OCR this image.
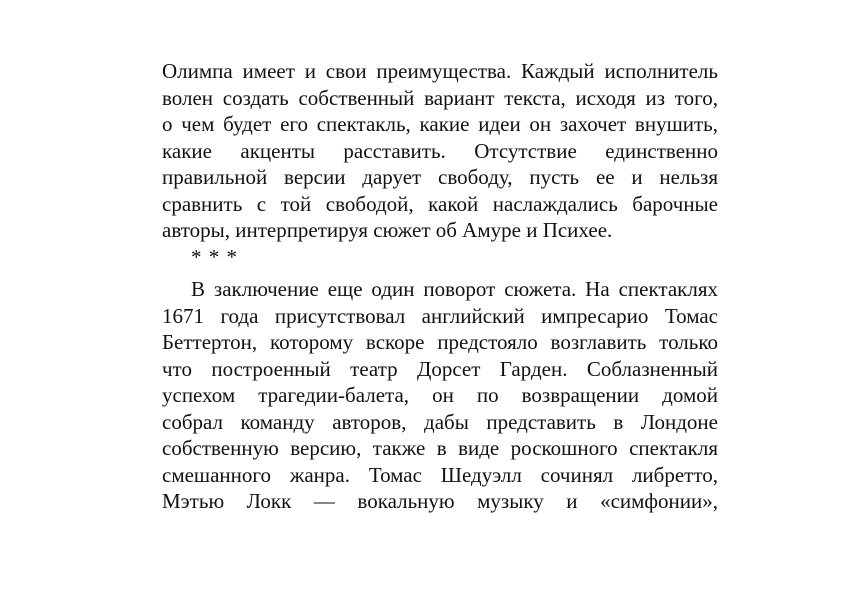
Олимпа имеет и свои преимущества. Каждый исполнитель
волен создать собственный вариант текста, исходя из того,
о чем будет его спектакль, какие идеи он захочет внушить,
какие акценты расставить. Отсутствие единственно
правильной версии дарует свободу, пусть ее и нельзя
сравнить с той свободой, какой наслаждались барочные
авторы, интерпретируя сюжет об Амуре и Психее.
* * *
В заключение еще один поворот сюжета. На спектаклях
1671 года присутствовал английский импресарио Томас
Беттертон, которому вскоре предстояло возглавить только
что построенный театр Дорсет Гарден. Соблазненный
успехом трагедии-балета, он по возвращении домой
собрал команду авторов, дабы представить в Лондоне
собственную версию, также в виде роскошного спектакля
смешанного жанра. Томас Шедуэлл сочинял либретто,
Мэтью Локк — вокальную музыку и «симфонии»,
